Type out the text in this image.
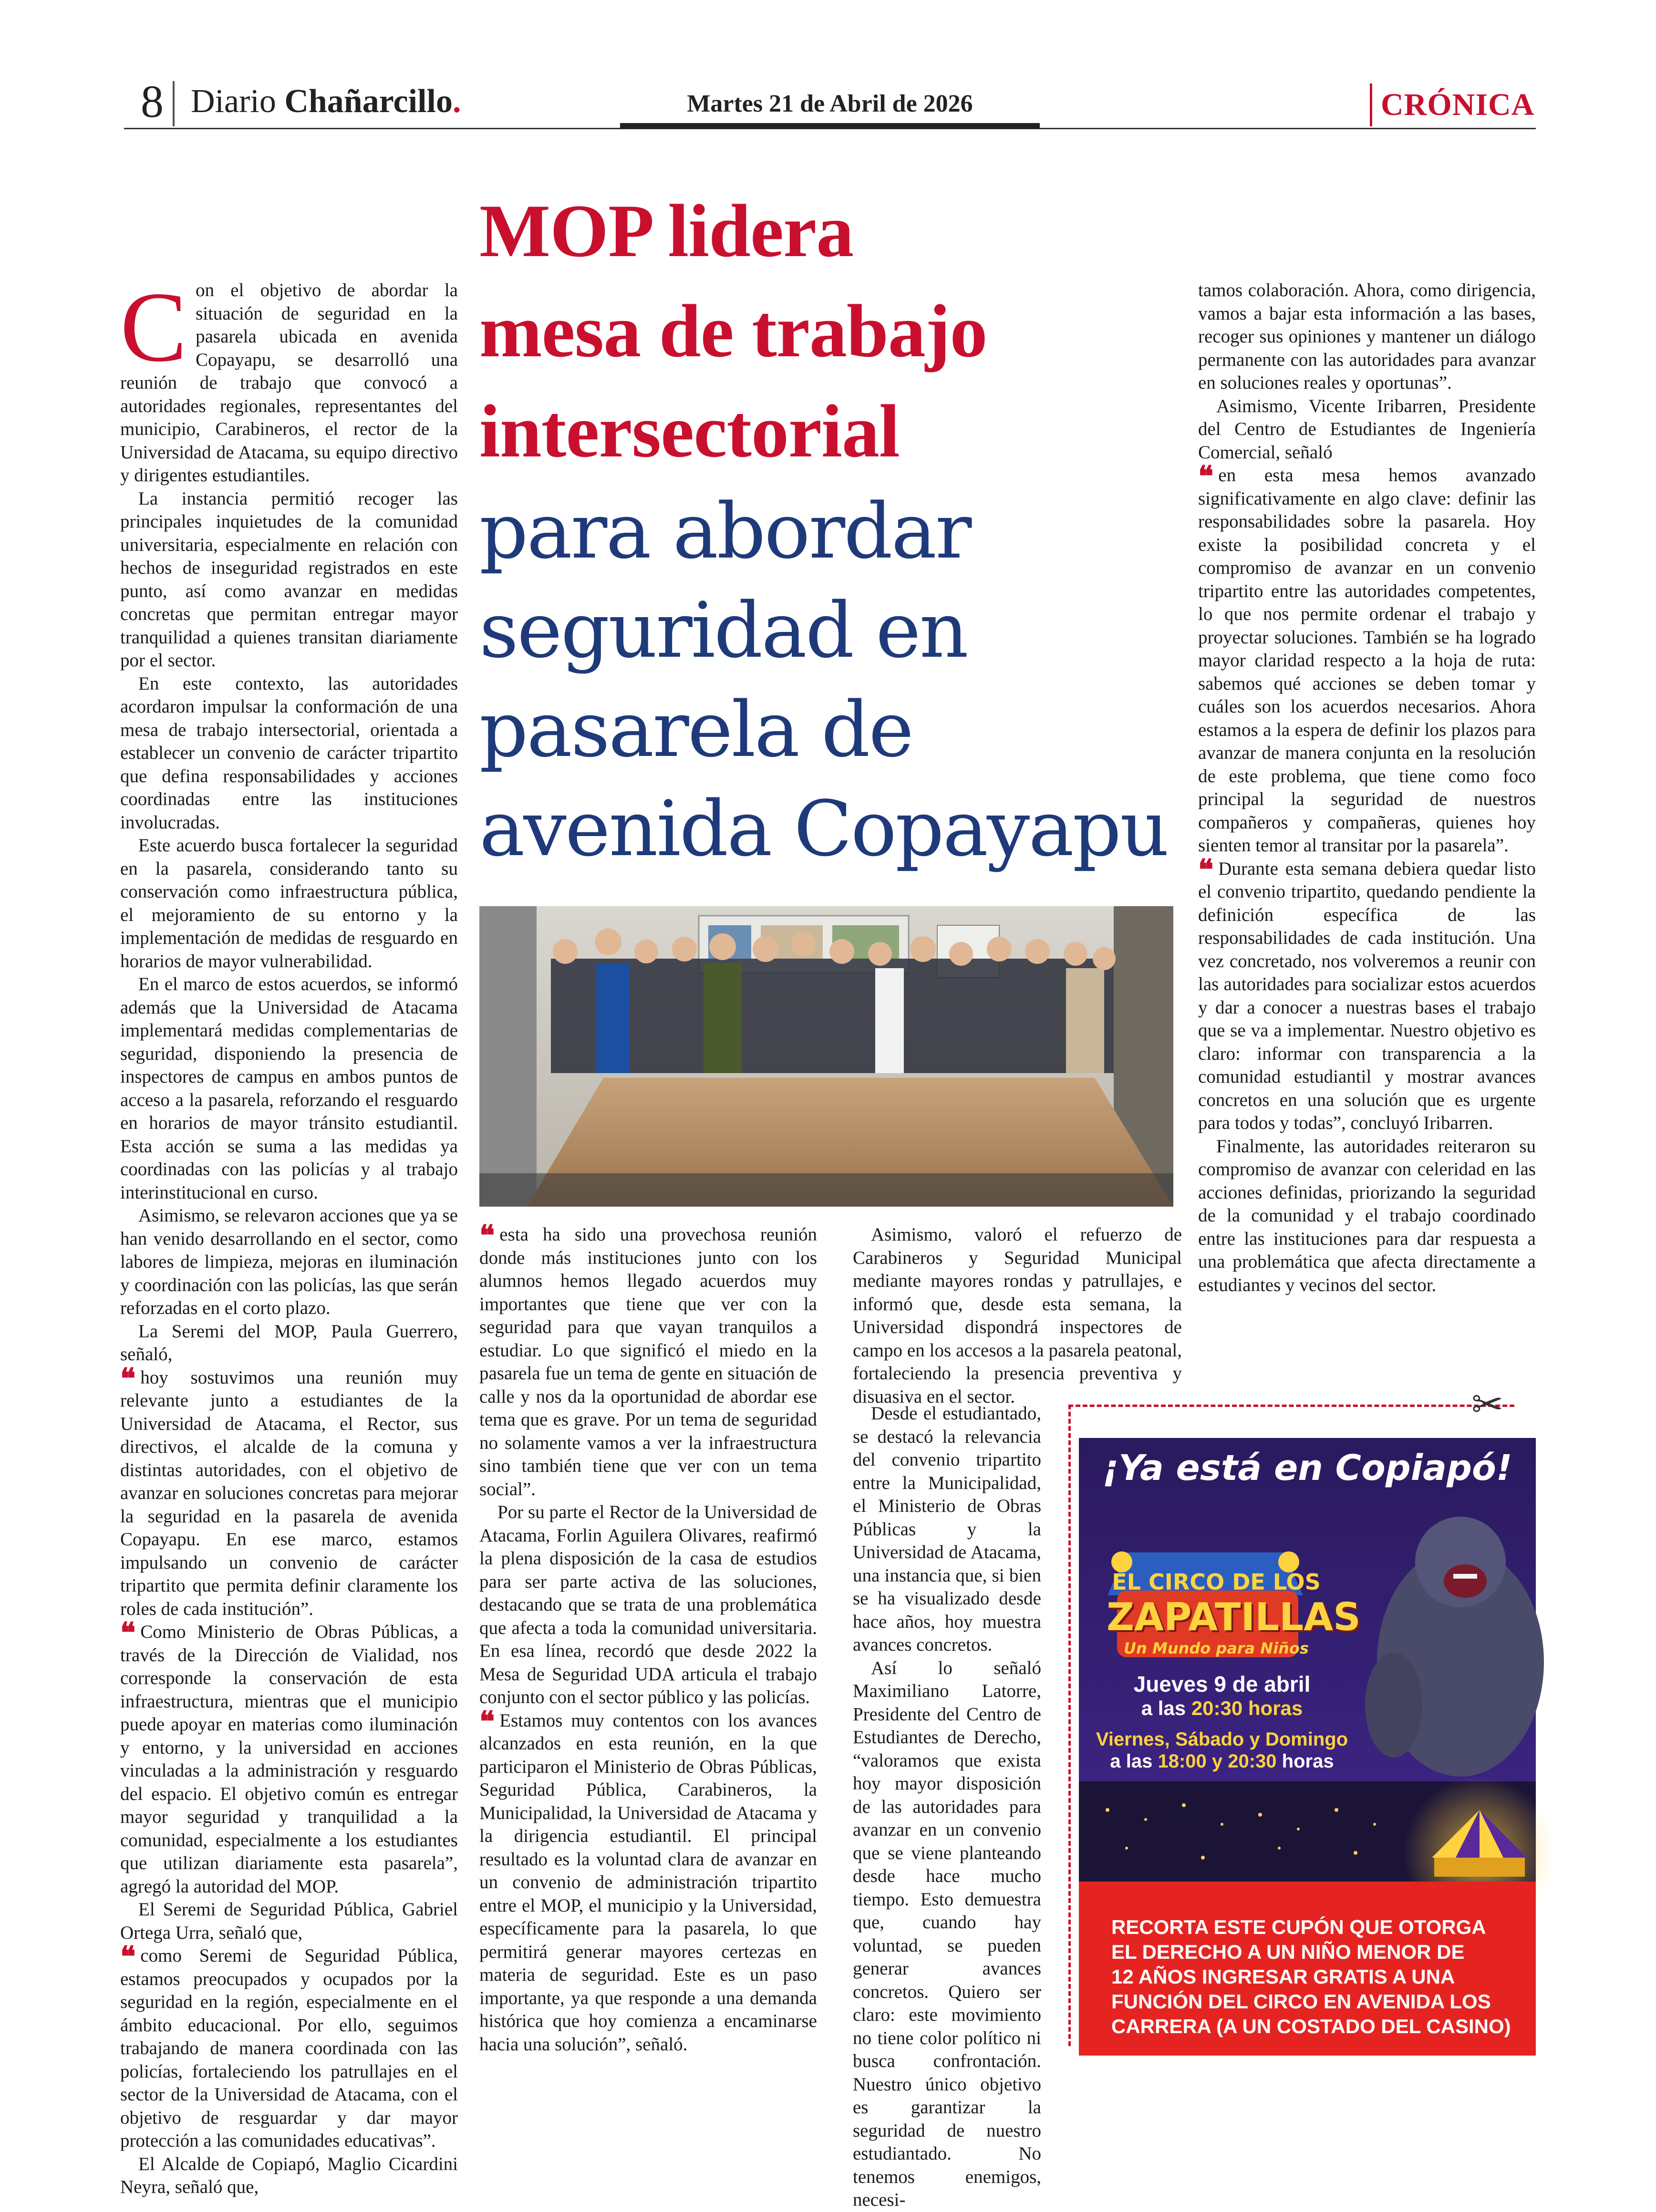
8 Diario Chañarcillo.	Martes 21 de Abril de 2026	CRÓNICA
MOP lidera
mesa de trabajo
intersectorial
para abordar
seguridad en
pasarela de
avenida Copayapu

Con el objetivo de abordar la situación de seguridad en la pasarela ubicada en avenida Copayapu, se desarrolló una reunión de trabajo que convocó a autoridades regionales, representantes del municipio, Carabineros, el rector de la Universidad de Atacama, su equipo directivo y dirigentes estudiantiles.

La instancia permitió recoger las principales inquietudes de la comunidad universitaria, especialmente en relación con hechos de inseguridad registrados en este punto, así como avanzar en medidas concretas que permitan entregar mayor tranquilidad a quienes transitan diariamente por el sector.

En este contexto, las autoridades acordaron impulsar la conformación de una mesa de trabajo intersectorial, orientada a establecer un convenio de carácter tripartito que defina responsabilidades y acciones coordinadas entre las instituciones involucradas.

Este acuerdo busca fortalecer la seguridad en la pasarela, considerando tanto su conservación como infraestructura pública, el mejoramiento de su entorno y la implementación de medidas de resguardo en horarios de mayor vulnerabilidad.

En el marco de estos acuerdos, se informó además que la Universidad de Atacama implementará medidas complementarias de seguridad, disponiendo la presencia de inspectores de campus en ambos puntos de acceso a la pasarela, reforzando el resguardo en horarios de mayor tránsito estudiantil. Esta acción se suma a las medidas ya coordinadas con las policías y al trabajo interinstitucional en curso.

Asimismo, se relevaron acciones que ya se han venido desarrollando en el sector, como labores de limpieza, mejoras en iluminación y coordinación con las policías, las que serán reforzadas en el corto plazo.

La Seremi del MOP, Paula Guerrero, señaló,

❝ hoy sostuvimos una reunión muy relevante junto a estudiantes de la Universidad de Atacama, el Rector, sus directivos, el alcalde de la comuna y distintas autoridades, con el objetivo de avanzar en soluciones concretas para mejorar la seguridad en la pasarela de avenida Copayapu. En ese marco, estamos impulsando un convenio de carácter tripartito que permita definir claramente los roles de cada institución”.

❝ Como Ministerio de Obras Públicas, a través de la Dirección de Vialidad, nos corresponde la conservación de esta infraestructura, mientras que el municipio puede apoyar en materias como iluminación y entorno, y la universidad en acciones vinculadas a la administración y resguardo del espacio. El objetivo común es entregar mayor seguridad y tranquilidad a la comunidad, especialmente a los estudiantes que utilizan diariamente esta pasarela”, agregó la autoridad del MOP.

El Seremi de Seguridad Pública, Gabriel Ortega Urra, señaló que,

❝ como Seremi de Seguridad Pública, estamos preocupados y ocupados por la seguridad en la región, especialmente en el ámbito educacional. Por ello, seguimos trabajando de manera coordinada con las policías, fortaleciendo los patrullajes en el sector de la Universidad de Atacama, con el objetivo de resguardar y dar mayor protección a las comunidades educativas”.

El Alcalde de Copiapó, Maglio Cicardini Neyra, señaló que,

❝ esta ha sido una provechosa reunión donde más instituciones junto con los alumnos hemos llegado acuerdos muy importantes que tiene que ver con la seguridad para que vayan tranquilos a estudiar. Lo que significó el miedo en la pasarela fue un tema de gente en situación de calle y nos da la oportunidad de abordar ese tema que es grave. Por un tema de seguridad no solamente vamos a ver la infraestructura sino también tiene que ver con un tema social”.

Por su parte el Rector de la Universidad de Atacama, Forlin Aguilera Olivares, reafirmó la plena disposición de la casa de estudios para ser parte activa de las soluciones, destacando que se trata de una problemática que afecta a toda la comunidad universitaria. En esa línea, recordó que desde 2022 la Mesa de Seguridad UDA articula el trabajo conjunto con el sector público y las policías.

❝ Estamos muy contentos con los avances alcanzados en esta reunión, en la que participaron el Ministerio de Obras Públicas, Seguridad Pública, Carabineros, la Municipalidad, la Universidad de Atacama y la dirigencia estudiantil. El principal resultado es la voluntad clara de avanzar en un convenio de administración tripartito entre el MOP, el municipio y la Universidad, específicamente para la pasarela, lo que permitirá generar mayores certezas en materia de seguridad. Este es un paso importante, ya que responde a una demanda histórica que hoy comienza a encaminarse hacia una solución”, señaló.

Asimismo, valoró el refuerzo de Carabineros y Seguridad Municipal mediante mayores rondas y patrullajes, e informó que, desde esta semana, la Universidad dispondrá inspectores de campo en los accesos a la pasarela peatonal, fortaleciendo la presencia preventiva y disuasiva en el sector.

Desde el estudiantado, se destacó la relevancia del convenio tripartito entre la Municipalidad, el Ministerio de Obras Públicas y la Universidad de Atacama, una instancia que, si bien se ha visualizado desde hace años, hoy muestra avances concretos.

Así lo señaló Maximiliano Latorre, Presidente del Centro de Estudiantes de Derecho, “valoramos que exista hoy mayor disposición de las autoridades para avanzar en un convenio que se viene planteando desde hace mucho tiempo. Esto demuestra que, cuando hay voluntad, se pueden generar avances concretos. Quiero ser claro: este movimiento no tiene color político ni busca confrontación. Nuestro único objetivo es garantizar la seguridad de nuestro estudiantado. No tenemos enemigos, necesi-

tamos colaboración. Ahora, como dirigencia, vamos a bajar esta información a las bases, recoger sus opiniones y mantener un diálogo permanente con las autoridades para avanzar en soluciones reales y oportunas”.

Asimismo, Vicente Iribarren, Presidente del Centro de Estudiantes de Ingeniería Comercial, señaló

❝ en esta mesa hemos avanzado significativamente en algo clave: definir las responsabilidades sobre la pasarela. Hoy existe la posibilidad concreta y el compromiso de avanzar en un convenio tripartito entre las autoridades competentes, lo que nos permite ordenar el trabajo y proyectar soluciones. También se ha logrado mayor claridad respecto a la hoja de ruta: sabemos qué acciones se deben tomar y cuáles son los acuerdos necesarios. Ahora estamos a la espera de definir los plazos para avanzar de manera conjunta en la resolución de este problema, que tiene como foco principal la seguridad de nuestros compañeros y compañeras, quienes hoy sienten temor al transitar por la pasarela”.

❝ Durante esta semana debiera quedar listo el convenio tripartito, quedando pendiente la definición específica de las responsabilidades de cada institución. Una vez concretado, nos volveremos a reunir con las autoridades para socializar estos acuerdos y dar a conocer a nuestras bases el trabajo que se va a implementar. Nuestro objetivo es claro: informar con transparencia a la comunidad estudiantil y mostrar avances concretos en una solución que es urgente para todos y todas”, concluyó Iribarren.

Finalmente, las autoridades reiteraron su compromiso de avanzar con celeridad en las acciones definidas, priorizando la seguridad de la comunidad y el trabajo coordinado entre las instituciones para dar respuesta a una problemática que afecta directamente a estudiantes y vecinos del sector.

✂
¡Ya está en Copiapó!
EL CIRCO DE LOS
ZAPATILLAS
Un Mundo para Niños
Jueves 9 de abril
a las 20:30 horas
Viernes, Sábado y Domingo
a las 18:00 y 20:30 horas
RECORTA ESTE CUPÓN QUE OTORGA
EL DERECHO A UN NIÑO MENOR DE
12 AÑOS INGRESAR GRATIS A UNA
FUNCIÓN DEL CIRCO EN AVENIDA LOS
CARRERA (A UN COSTADO DEL CASINO)
